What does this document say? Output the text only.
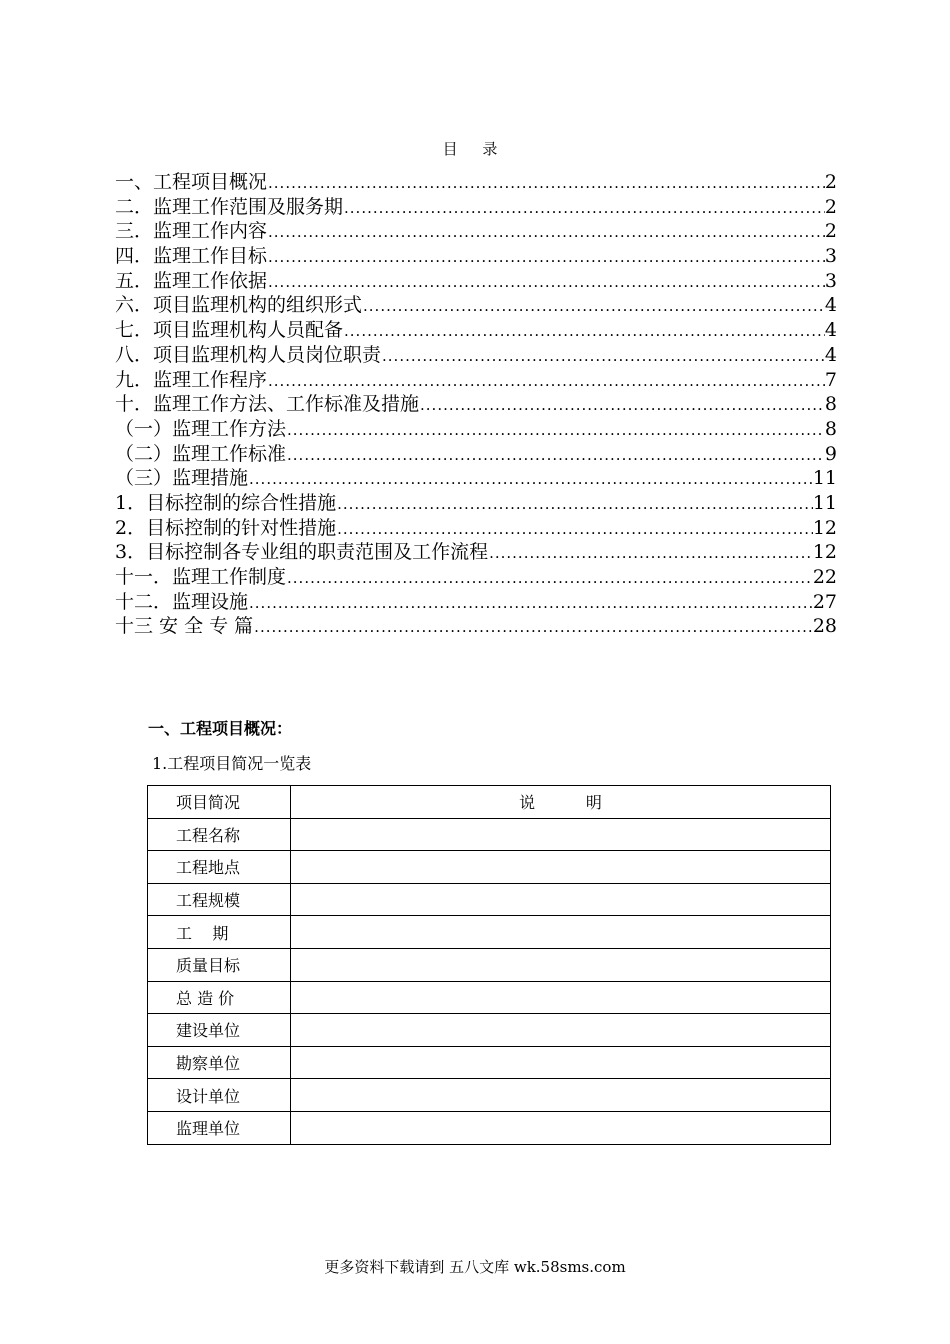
目 录
一、工程项目概况 .....	2
二．监理工作范围及服务期 .....	2
三．监理工作内容 .....	2
四．监理工作目标 .....	3
五．监理工作依据 .....	3
六．项目监理机构的组织形式 .....	4
七．项目监理机构人员配备 .....	4
八．项目监理机构人员岗位职责 .....	4
九．监理工作程序 .....	7
十．监理工作方法、工作标准及措施 .....	8
（一）监理工作方法 .....	8
（二）监理工作标准 .....	9
（三）监理措施 .....	11
1．目标控制的综合性措施 .....	11
2．目标控制的针对性措施 .....	12
3．目标控制各专业组的职责范围及工作流程 .....	12
十一．监理工作制度 .....	22
十二．监理设施 .....	27
十三 安 全 专 篇 .....	28
一、工程项目概况：
1.工程项目简况一览表
项目简况	说          明
工程名称	
工程地点	
工程规模	
工    期	
质量目标	
总 造 价	
建设单位	
勘察单位	
设计单位	
监理单位	
更多资料下载请到 五八文库 wk.58sms.com
